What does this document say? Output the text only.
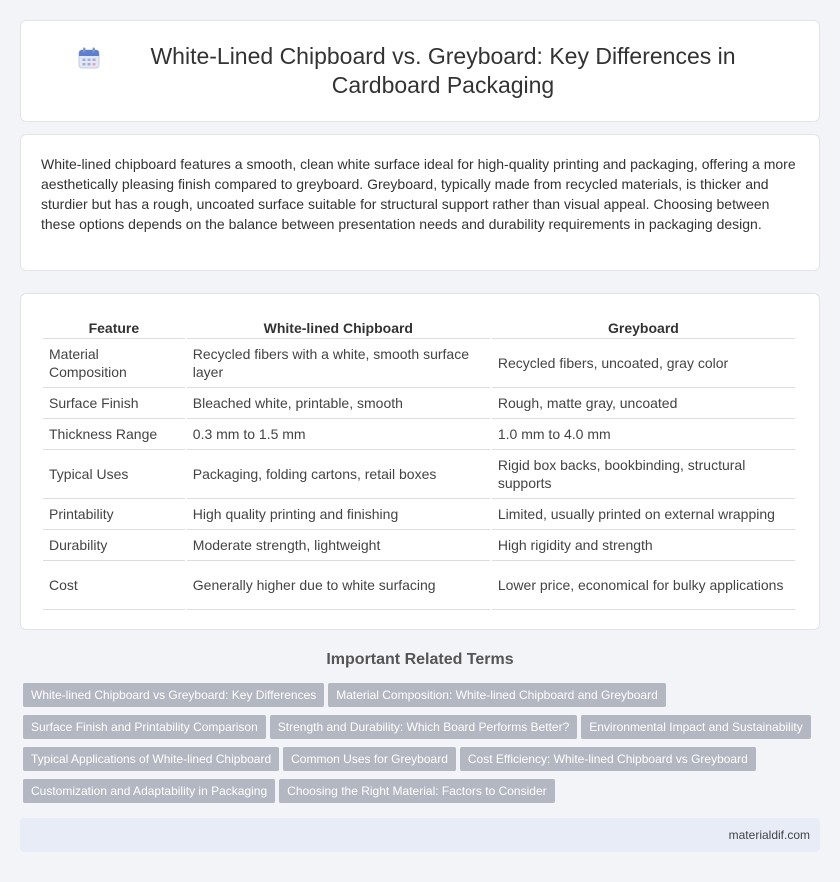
White-Lined Chipboard vs. Greyboard: Key Differences in Cardboard Packaging

White-lined chipboard features a smooth, clean white surface ideal for high-quality printing and packaging, offering a more aesthetically pleasing finish compared to greyboard. Greyboard, typically made from recycled materials, is thicker and sturdier but has a rough, uncoated surface suitable for structural support rather than visual appeal. Choosing between these options depends on the balance between presentation needs and durability requirements in packaging design.

Feature	White-lined Chipboard	Greyboard
Material Composition	Recycled fibers with a white, smooth surface layer	Recycled fibers, uncoated, gray color
Surface Finish	Bleached white, printable, smooth	Rough, matte gray, uncoated
Thickness Range	0.3 mm to 1.5 mm	1.0 mm to 4.0 mm
Typical Uses	Packaging, folding cartons, retail boxes	Rigid box backs, bookbinding, structural supports
Printability	High quality printing and finishing	Limited, usually printed on external wrapping
Durability	Moderate strength, lightweight	High rigidity and strength
Cost	Generally higher due to white surfacing	Lower price, economical for bulky applications
Important Related Terms
White-lined Chipboard vs Greyboard: Key Differences Material Composition: White-lined Chipboard and Greyboard
Surface Finish and Printability Comparison Strength and Durability: Which Board Performs Better? Environmental Impact and Sustainability
Typical Applications of White-lined Chipboard Common Uses for Greyboard Cost Efficiency: White-lined Chipboard vs Greyboard
Customization and Adaptability in Packaging Choosing the Right Material: Factors to Consider
materialdif.com
